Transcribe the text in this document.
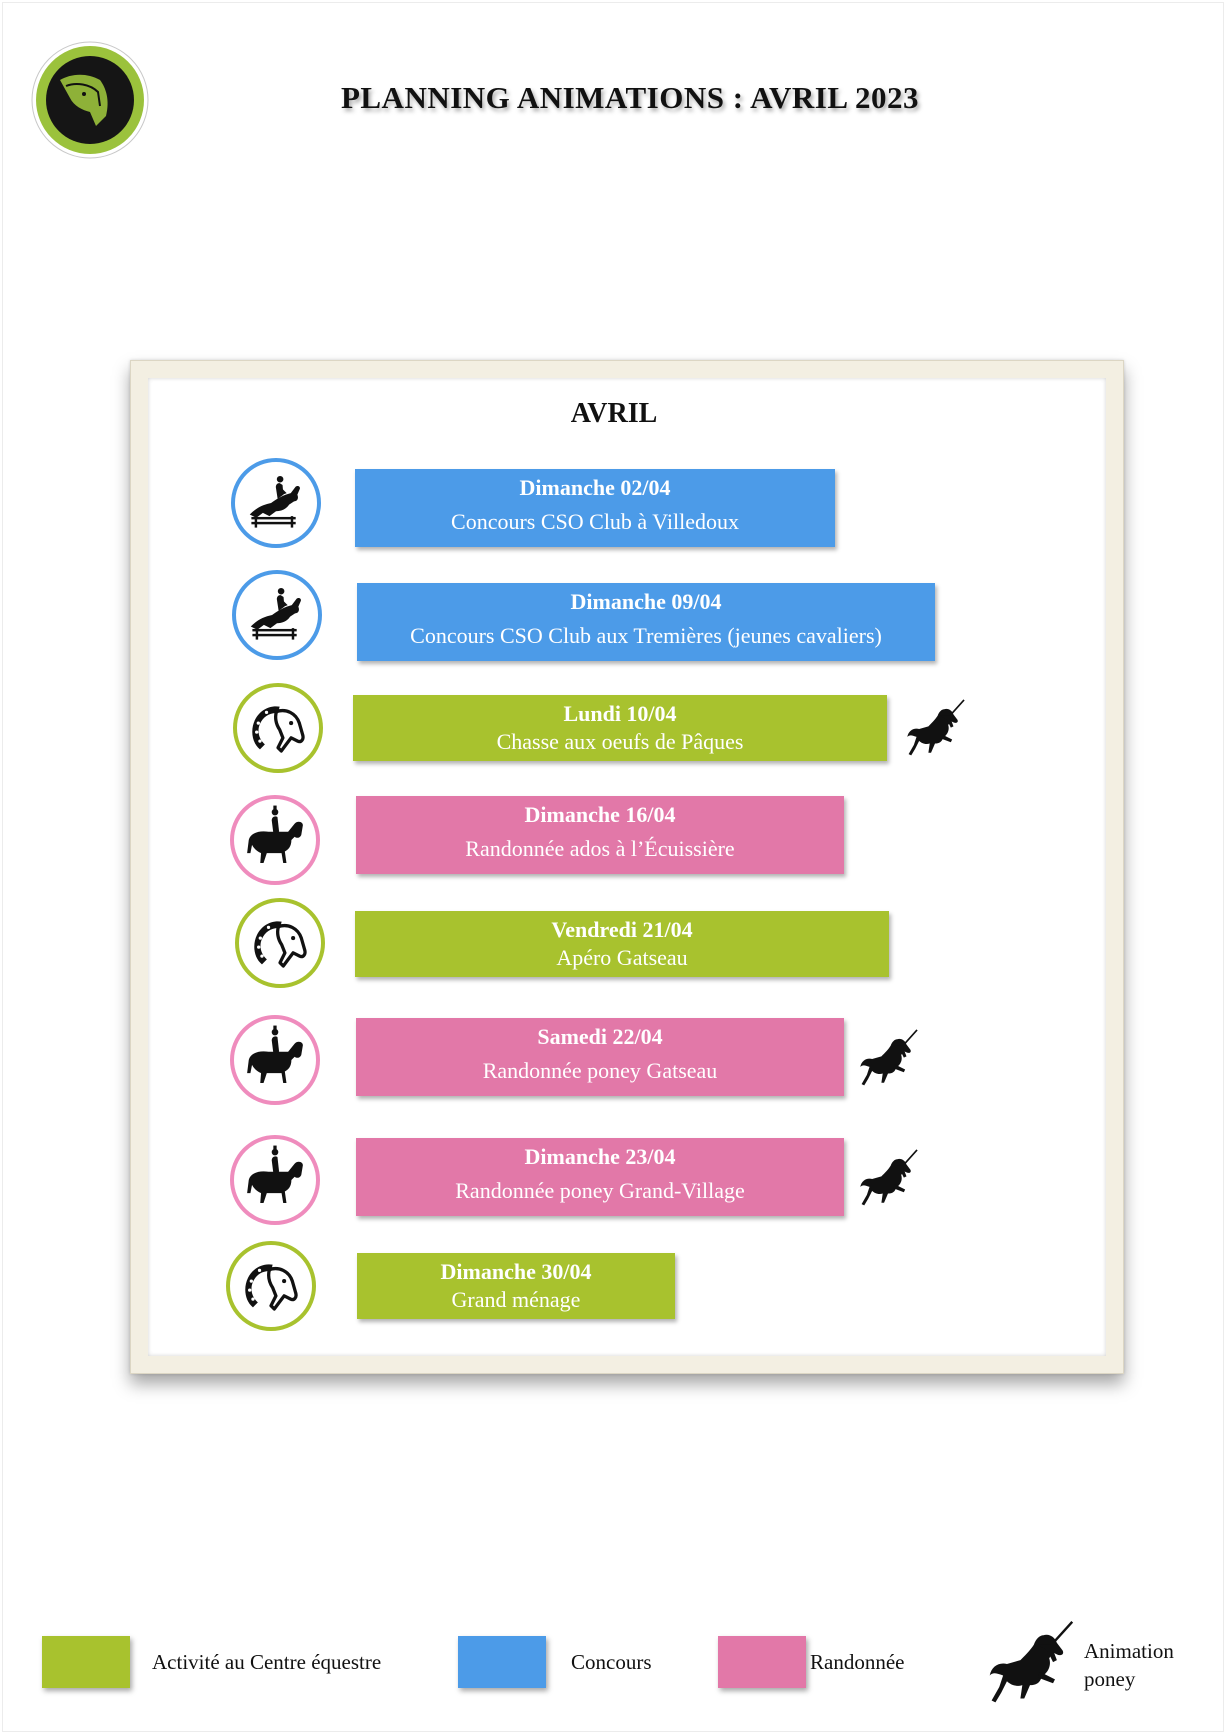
PLANNING ANIMATIONS : AVRIL 2023
AVRIL
Dimanche 02/04
Concours CSO Club à Villedoux
Dimanche 09/04
Concours CSO Club aux Tremières (jeunes cavaliers)
Lundi 10/04
Chasse aux oeufs de Pâques
Dimanche 16/04
Randonnée ados à l’Écuissière
Vendredi 21/04
Apéro Gatseau
Samedi 22/04
Randonnée poney Gatseau
Dimanche 23/04
Randonnée poney Grand-Village
Dimanche 30/04
Grand ménage
Activité au Centre équestre	Concours	Randonnée	Animation
poney
